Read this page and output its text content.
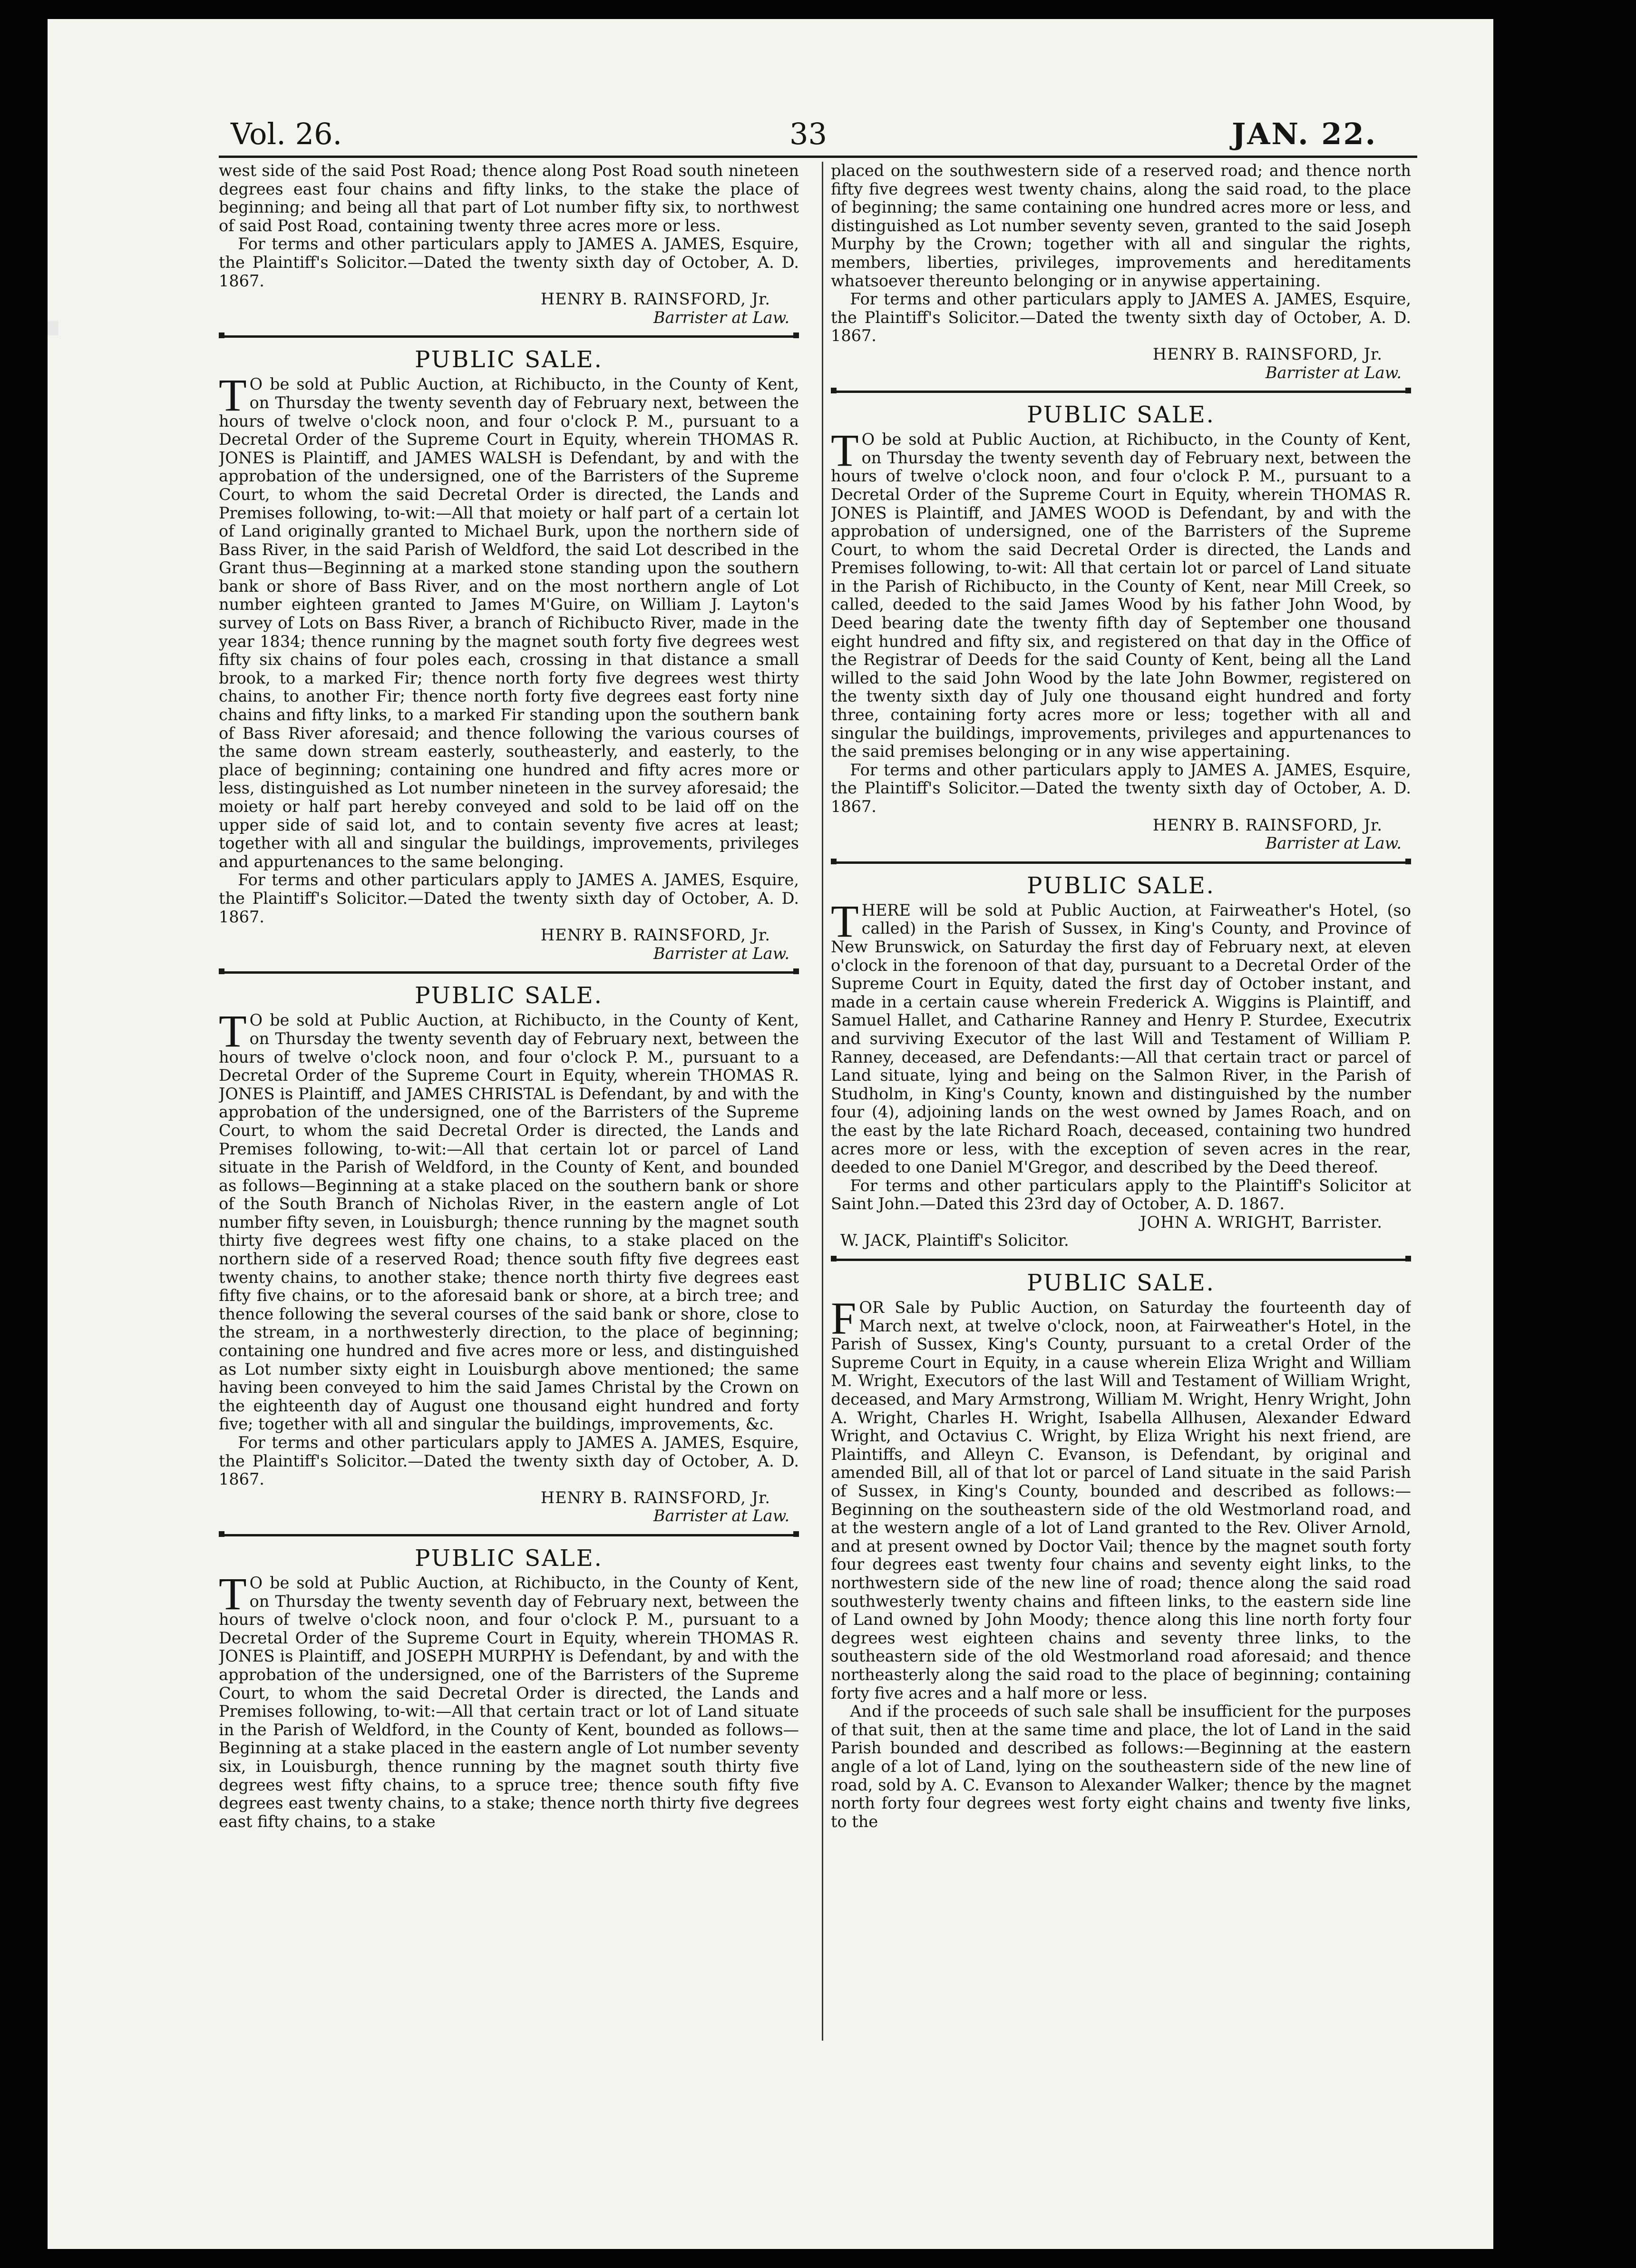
Vol. 26.	33	JAN. 22.

west side of the said Post Road; thence along Post Road south nineteen degrees east four chains and fifty links, to the stake the place of beginning; and being all that part of Lot number fifty six, to northwest of said Post Road, containing twenty three acres more or less.

For terms and other particulars apply to JAMES A. JAMES, Esquire, the Plaintiff's Solicitor.—Dated the twenty sixth day of October, A. D. 1867.

HENRY B. RAINSFORD, Jr.

Barrister at Law.

PUBLIC SALE.

T O be sold at Public Auction, at Richibucto, in the County of Kent, on Thursday the twenty seventh day of February next, between the hours of twelve o'clock noon, and four o'clock P. M., pursuant to a Decretal Order of the Supreme Court in Equity, wherein THOMAS R. JONES is Plaintiff, and JAMES WALSH is Defendant, by and with the approbation of the undersigned, one of the Barristers of the Supreme Court, to whom the said Decretal Order is directed, the Lands and Premises following, to-wit:—All that moiety or half part of a certain lot of Land originally granted to Michael Burk, upon the northern side of Bass River, in the said Parish of Weldford, the said Lot described in the Grant thus—Beginning at a marked stone standing upon the southern bank or shore of Bass River, and on the most northern angle of Lot number eighteen granted to James M'Guire, on William J. Layton's survey of Lots on Bass River, a branch of Richibucto River, made in the year 1834; thence running by the magnet south forty five degrees west fifty six chains of four poles each, crossing in that distance a small brook, to a marked Fir; thence north forty five degrees west thirty chains, to another Fir; thence north forty five degrees east forty nine chains and fifty links, to a marked Fir standing upon the southern bank of Bass River aforesaid; and thence following the various courses of the same down stream easterly, southeasterly, and easterly, to the place of beginning; containing one hundred and fifty acres more or less, distinguished as Lot number nineteen in the survey aforesaid; the moiety or half part hereby conveyed and sold to be laid off on the upper side of said lot, and to contain seventy five acres at least; together with all and singular the buildings, improvements, privileges and appurtenances to the same belonging.

For terms and other particulars apply to JAMES A. JAMES, Esquire, the Plaintiff's Solicitor.—Dated the twenty sixth day of October, A. D. 1867.

HENRY B. RAINSFORD, Jr.

Barrister at Law.

PUBLIC SALE.

T O be sold at Public Auction, at Richibucto, in the County of Kent, on Thursday the twenty seventh day of February next, between the hours of twelve o'clock noon, and four o'clock P. M., pursuant to a Decretal Order of the Supreme Court in Equity, wherein THOMAS R. JONES is Plaintiff, and JAMES CHRISTAL is Defendant, by and with the approbation of the undersigned, one of the Barristers of the Supreme Court, to whom the said Decretal Order is directed, the Lands and Premises following, to-wit:—All that certain lot or parcel of Land situate in the Parish of Weldford, in the County of Kent, and bounded as follows—Beginning at a stake placed on the southern bank or shore of the South Branch of Nicholas River, in the eastern angle of Lot number fifty seven, in Louisburgh; thence running by the magnet south thirty five degrees west fifty one chains, to a stake placed on the northern side of a reserved Road; thence south fifty five degrees east twenty chains, to another stake; thence north thirty five degrees east fifty five chains, or to the aforesaid bank or shore, at a birch tree; and thence following the several courses of the said bank or shore, close to the stream, in a northwesterly direction, to the place of beginning; containing one hundred and five acres more or less, and distinguished as Lot number sixty eight in Louisburgh above mentioned; the same having been conveyed to him the said James Christal by the Crown on the eighteenth day of August one thousand eight hundred and forty five; together with all and singular the buildings, improvements, &c.

For terms and other particulars apply to JAMES A. JAMES, Esquire, the Plaintiff's Solicitor.—Dated the twenty sixth day of October, A. D. 1867.

HENRY B. RAINSFORD, Jr.

Barrister at Law.

PUBLIC SALE.

T O be sold at Public Auction, at Richibucto, in the County of Kent, on Thursday the twenty seventh day of February next, between the hours of twelve o'clock noon, and four o'clock P. M., pursuant to a Decretal Order of the Supreme Court in Equity, wherein THOMAS R. JONES is Plaintiff, and JOSEPH MURPHY is Defendant, by and with the approbation of the undersigned, one of the Barristers of the Supreme Court, to whom the said Decretal Order is directed, the Lands and Premises following, to-wit:—All that certain tract or lot of Land situate in the Parish of Weldford, in the County of Kent, bounded as follows—Beginning at a stake placed in the eastern angle of Lot number seventy six, in Louisburgh, thence running by the magnet south thirty five degrees west fifty chains, to a spruce tree; thence south fifty five degrees east twenty chains, to a stake; thence north thirty five degrees east fifty chains, to a stake

placed on the southwestern side of a reserved road; and thence north fifty five degrees west twenty chains, along the said road, to the place of beginning; the same containing one hundred acres more or less, and distinguished as Lot number seventy seven, granted to the said Joseph Murphy by the Crown; together with all and singular the rights, members, liberties, privileges, improvements and hereditaments whatsoever thereunto belonging or in anywise appertaining.

For terms and other particulars apply to JAMES A. JAMES, Esquire, the Plaintiff's Solicitor.—Dated the twenty sixth day of October, A. D. 1867.

HENRY B. RAINSFORD, Jr.

Barrister at Law.

PUBLIC SALE.

T O be sold at Public Auction, at Richibucto, in the County of Kent, on Thursday the twenty seventh day of February next, between the hours of twelve o'clock noon, and four o'clock P. M., pursuant to a Decretal Order of the Supreme Court in Equity, wherein THOMAS R. JONES is Plaintiff, and JAMES WOOD is Defendant, by and with the approbation of undersigned, one of the Barristers of the Supreme Court, to whom the said Decretal Order is directed, the Lands and Premises following, to-wit: All that certain lot or parcel of Land situate in the Parish of Richibucto, in the County of Kent, near Mill Creek, so called, deeded to the said James Wood by his father John Wood, by Deed bearing date the twenty fifth day of September one thousand eight hundred and fifty six, and registered on that day in the Office of the Registrar of Deeds for the said County of Kent, being all the Land willed to the said John Wood by the late John Bowmer, registered on the twenty sixth day of July one thousand eight hundred and forty three, containing forty acres more or less; together with all and singular the buildings, improvements, privileges and appurtenances to the said premises belonging or in any wise appertaining.

For terms and other particulars apply to JAMES A. JAMES, Esquire, the Plaintiff's Solicitor.—Dated the twenty sixth day of October, A. D. 1867.

HENRY B. RAINSFORD, Jr.

Barrister at Law.

PUBLIC SALE.

THERE will be sold at Public Auction, at Fairweather's Hotel, (so called) in the Parish of Sussex, in King's County, and Province of New Brunswick, on Saturday the first day of February next, at eleven o'clock in the forenoon of that day, pursuant to a Decretal Order of the Supreme Court in Equity, dated the first day of October instant, and made in a certain cause wherein Frederick A. Wiggins is Plaintiff, and Samuel Hallet, and Catharine Ranney and Henry P. Sturdee, Executrix and surviving Executor of the last Will and Testament of William P. Ranney, deceased, are Defendants:—All that certain tract or parcel of Land situate, lying and being on the Salmon River, in the Parish of Studholm, in King's County, known and distinguished by the number four (4), adjoining lands on the west owned by James Roach, and on the east by the late Richard Roach, deceased, containing two hundred acres more or less, with the exception of seven acres in the rear, deeded to one Daniel M'Gregor, and described by the Deed thereof.

For terms and other particulars apply to the Plaintiff's Solicitor at Saint John.—Dated this 23rd day of October, A. D. 1867.

JOHN A. WRIGHT, Barrister.

W. JACK, Plaintiff's Solicitor.

PUBLIC SALE.

FOR Sale by Public Auction, on Saturday the fourteenth day of March next, at twelve o'clock, noon, at Fairweather's Hotel, in the Parish of Sussex, King's County, pursuant to a cretal Order of the Supreme Court in Equity, in a cause wherein Eliza Wright and William M. Wright, Executors of the last Will and Testament of William Wright, deceased, and Mary Armstrong, William M. Wright, Henry Wright, John A. Wright, Charles H. Wright, Isabella Allhusen, Alexander Edward Wright, and Octavius C. Wright, by Eliza Wright his next friend, are Plaintiffs, and Alleyn C. Evanson, is Defendant, by original and amended Bill, all of that lot or parcel of Land situate in the said Parish of Sussex, in King's County, bounded and described as follows:—Beginning on the southeastern side of the old Westmorland road, and at the western angle of a lot of Land granted to the Rev. Oliver Arnold, and at present owned by Doctor Vail; thence by the magnet south forty four degrees east twenty four chains and seventy eight links, to the northwestern side of the new line of road; thence along the said road southwesterly twenty chains and fifteen links, to the eastern side line of Land owned by John Moody; thence along this line north forty four degrees west eighteen chains and seventy three links, to the southeastern side of the old Westmorland road aforesaid; and thence northeasterly along the said road to the place of beginning; containing forty five acres and a half more or less.

And if the proceeds of such sale shall be insufficient for the purposes of that suit, then at the same time and place, the lot of Land in the said Parish bounded and described as follows:—Beginning at the eastern angle of a lot of Land, lying on the southeastern side of the new line of road, sold by A. C. Evanson to Alexander Walker; thence by the magnet north forty four degrees west forty eight chains and twenty five links, to the
